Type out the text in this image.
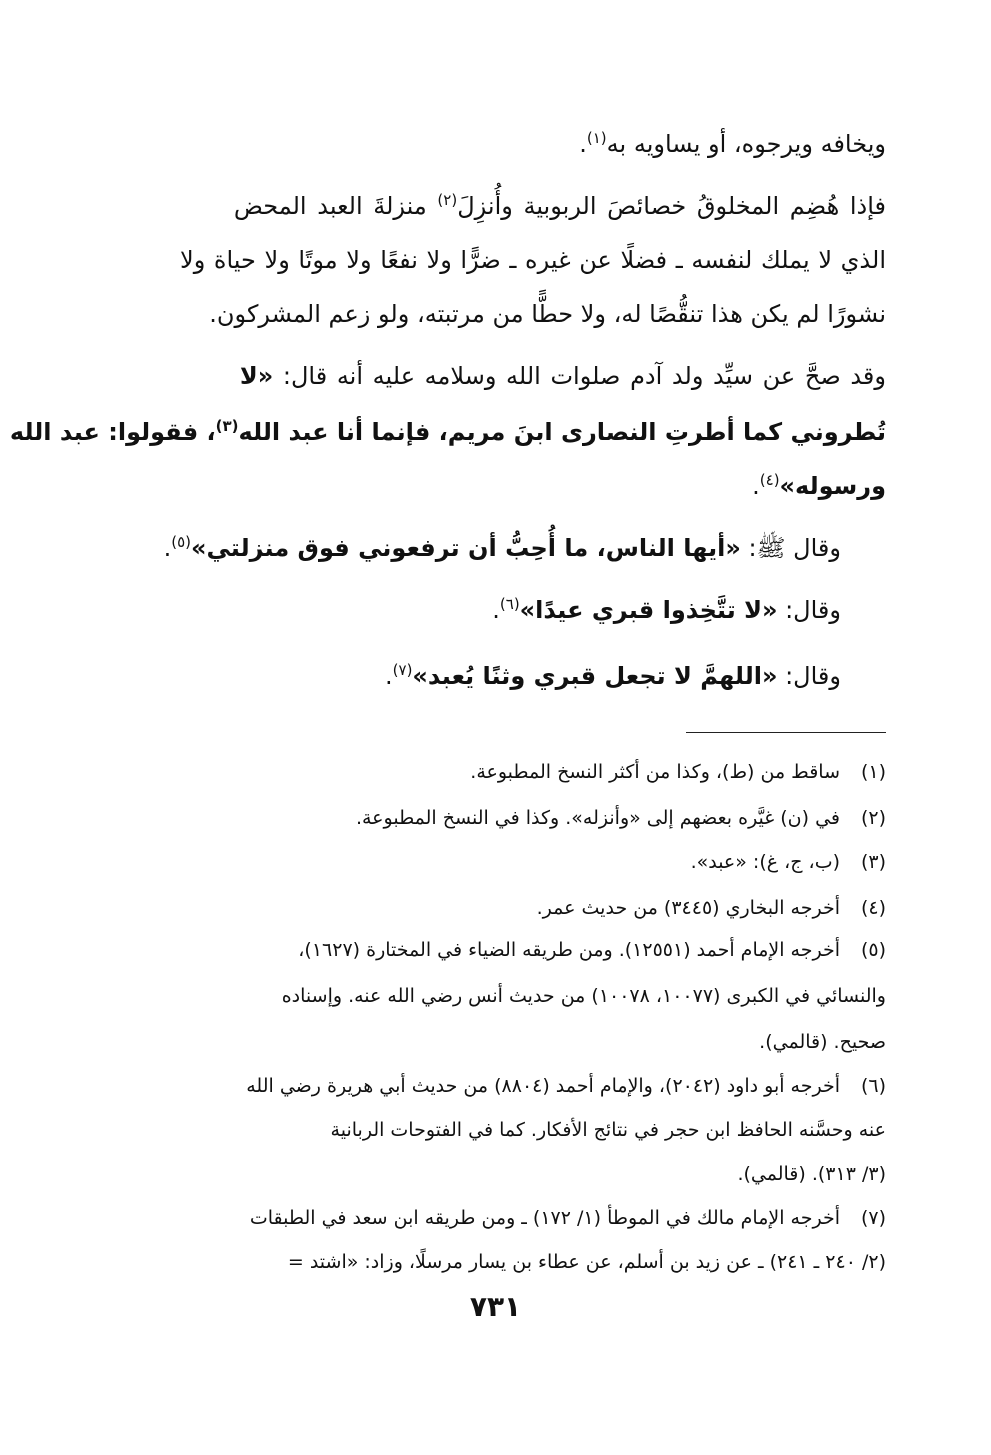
ويخافه ويرجوه، أو يساويه به$^{(١)}$.
فإذا هُضِم المخلوقُ خصائصَ الربوبية وأُنزِلَ$^{(٢)}$ منزلةَ العبد المحض
الذي لا يملك لنفسه ـ فضلًا عن غيره ـ ضرًّا ولا نفعًا ولا موتًا ولا حياة ولا
نشورًا لم يكن هذا تنقُّصًا له، ولا حطًّا من مرتبته، ولو زعم المشركون.
وقد صحَّ عن سيِّد ولد آدم صلوات الله وسلامه عليه أنه قال: «لا
تُطروني كما أطرتِ النصارى ابنَ مريم، فإنما أنا عبد الله$^{(٣)}$، فقولوا: عبد الله
ورسوله»$^{(٤)}$.
وقال ﷺ: «أيها الناس، ما أُحِبُّ أن ترفعوني فوق منزلتي»$^{(٥)}$.
وقال: «لا تتَّخِذوا قبري عيدًا»$^{(٦)}$.
وقال: «اللهمَّ لا تجعل قبري وثنًا يُعبد»$^{(٧)}$.
(١)ساقط من (ط)، وكذا من أكثر النسخ المطبوعة.
(٢)في (ن) غيَّره بعضهم إلى «وأنزله». وكذا في النسخ المطبوعة.
(٣)(ب، ج، غ): «عبد».
(٤)أخرجه البخاري (٣٤٤٥) من حديث عمر.
(٥)أخرجه الإمام أحمد (١٢٥٥١). ومن طريقه الضياء في المختارة (١٦٢٧)،
والنسائي في الكبرى (١٠٠٧٧، ١٠٠٧٨) من حديث أنس رضي الله عنه. وإسناده
صحيح. (قالمي).
(٦)أخرجه أبو داود (٢٠٤٢)، والإمام أحمد (٨٨٠٤) من حديث أبي هريرة رضي الله
عنه وحسَّنه الحافظ ابن حجر في نتائج الأفكار. كما في الفتوحات الربانية
(٣/ ٣١٣). (قالمي).
(٧)أخرجه الإمام مالك في الموطأ (١/ ١٧٢) ـ ومن طريقه ابن سعد في الطبقات
(٢/ ٢٤٠ ـ ٢٤١) ـ عن زيد بن أسلم، عن عطاء بن يسار مرسلًا، وزاد: «اشتد =
٧٣١
